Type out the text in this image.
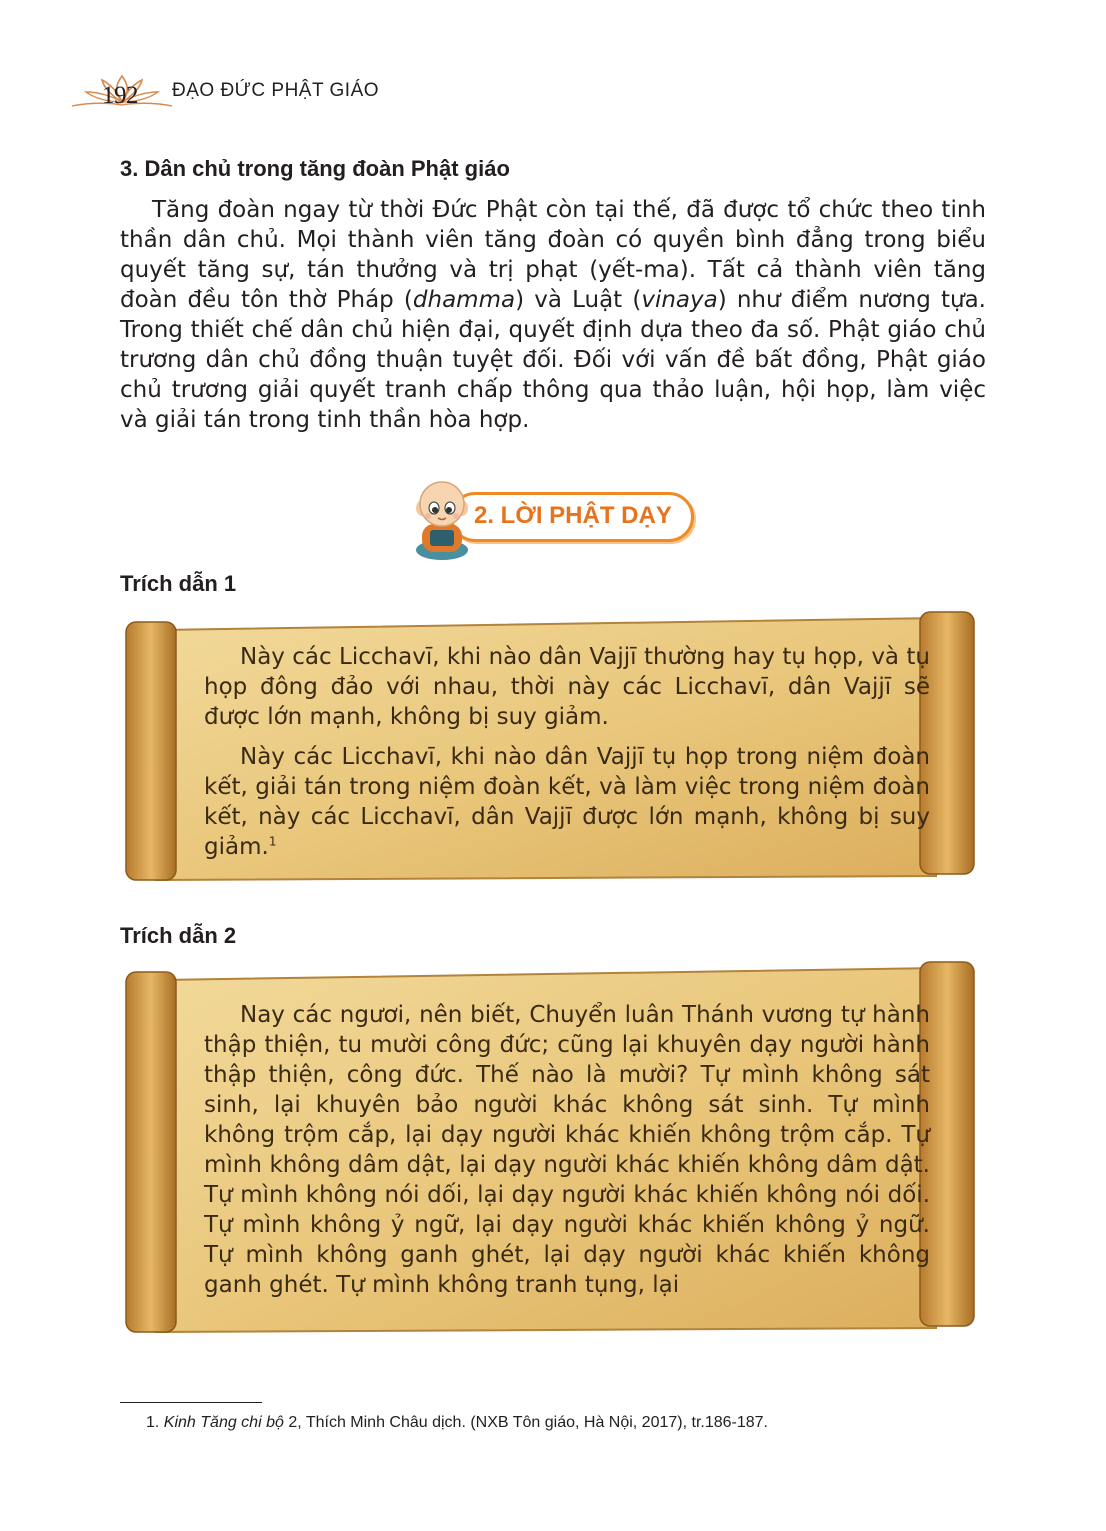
192 ĐẠO ĐỨC PHẬT GIÁO
3. Dân chủ trong tăng đoàn Phật giáo

Tăng đoàn ngay từ thời Đức Phật còn tại thế, đã được tổ chức theo tinh thần dân chủ. Mọi thành viên tăng đoàn có quyền bình đẳng trong biểu quyết tăng sự, tán thưởng và trị phạt (yết-ma). Tất cả thành viên tăng đoàn đều tôn thờ Pháp (dhamma) và Luật (vinaya) như điểm nương tựa. Trong thiết chế dân chủ hiện đại, quyết định dựa theo đa số. Phật giáo chủ trương dân chủ đồng thuận tuyệt đối. Đối với vấn đề bất đồng, Phật giáo chủ trương giải quyết tranh chấp thông qua thảo luận, hội họp, làm việc và giải tán trong tinh thần hòa hợp.

2. LỜI PHẬT DẠY
Trích dẫn 1

Này các Licchavī, khi nào dân Vajjī thường hay tụ họp, và tụ họp đông đảo với nhau, thời này các Licchavī, dân Vajjī sẽ được lớn mạnh, không bị suy giảm.

Này các Licchavī, khi nào dân Vajjī tụ họp trong niệm đoàn kết, giải tán trong niệm đoàn kết, và làm việc trong niệm đoàn kết, này các Licchavī, dân Vajjī được lớn mạnh, không bị suy giảm.$^1$

Trích dẫn 2

Nay các ngươi, nên biết, Chuyển luân Thánh vương tự hành thập thiện, tu mười công đức; cũng lại khuyên dạy người hành thập thiện, công đức. Thế nào là mười? Tự mình không sát sinh, lại khuyên bảo người khác không sát sinh. Tự mình không trộm cắp, lại dạy người khác khiến không trộm cắp. Tự mình không dâm dật, lại dạy người khác khiến không dâm dật. Tự mình không nói dối, lại dạy người khác khiến không nói dối. Tự mình không ỷ ngữ, lại dạy người khác khiến không ỷ ngữ. Tự mình không ganh ghét, lại dạy người khác khiến không ganh ghét. Tự mình không tranh tụng, lại

1. Kinh Tăng chi bộ 2, Thích Minh Châu dịch. (NXB Tôn giáo, Hà Nội, 2017), tr.186-187.
